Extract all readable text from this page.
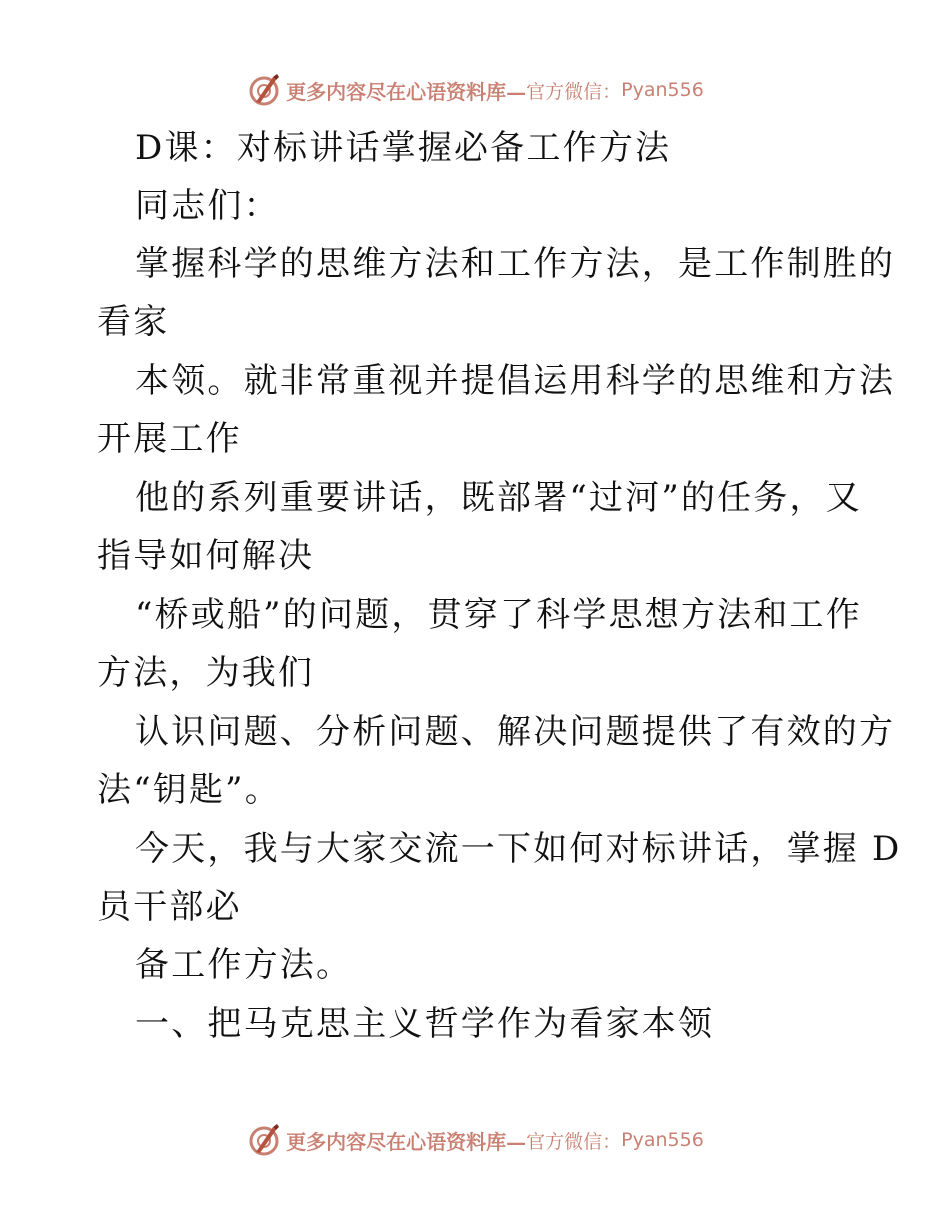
更多内容尽在心语资料库— 官方微信： Pyan556
D课：对标讲话掌握必备工作方法
同志们：
掌握科学的思维方法和工作方法，是工作制胜的
看家
本领。就非常重视并提倡运用科学的思维和方法
开展工作
他的系列重要讲话，既部署“过河”的任务，又
指导如何解决
“桥或船”的问题，贯穿了科学思想方法和工作
方法，为我们
认识问题、分析问题、解决问题提供了有效的方
法“钥匙”。
今天，我与大家交流一下如何对标讲话，掌握 D
员干部必
备工作方法。
一、把马克思主义哲学作为看家本领
更多内容尽在心语资料库— 官方微信： Pyan556
